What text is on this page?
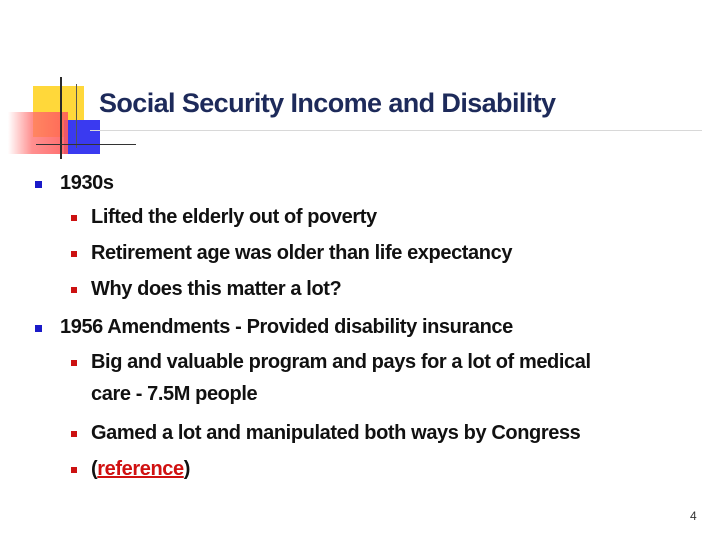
Social Security Income and Disability
1930s
Lifted the elderly out of poverty
Retirement age was older than life expectancy
Why does this matter a lot?
1956 Amendments - Provided disability insurance
Big and valuable program and pays for a lot of medical
care - 7.5M people
Gamed a lot and manipulated both ways by Congress
(reference)
4
